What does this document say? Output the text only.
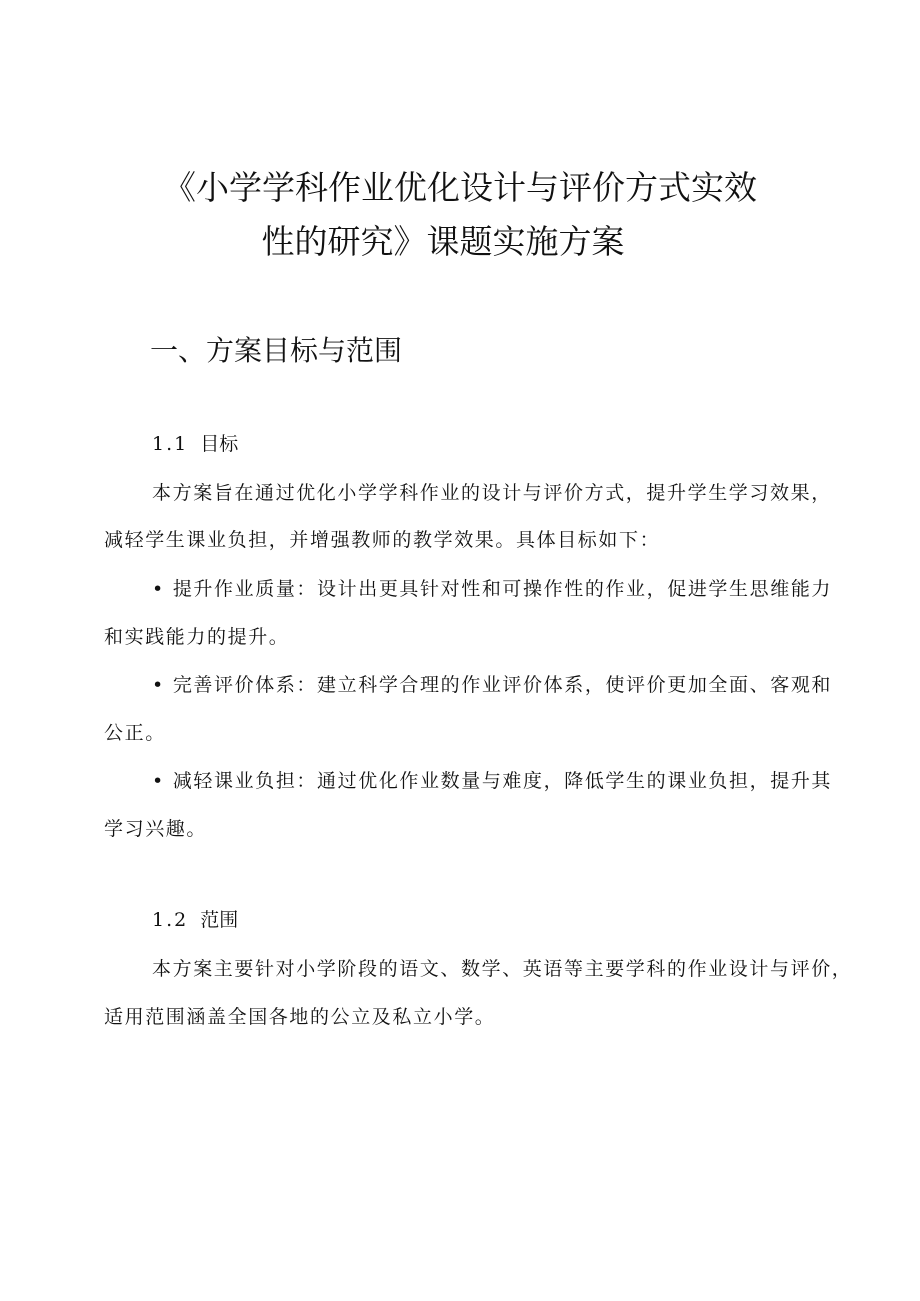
《小学学科作业优化设计与评价方式实效
性的研究》课题实施方案
一、方案目标与范围
1.1 目标

本方案旨在通过优化小学学科作业的设计与评价方式，提升学生学习效果，

减轻学生课业负担，并增强教师的教学效果。具体目标如下：

• 提升作业质量：设计出更具针对性和可操作性的作业，促进学生思维能力

和实践能力的提升。

• 完善评价体系：建立科学合理的作业评价体系，使评价更加全面、客观和

公正。

• 减轻课业负担：通过优化作业数量与难度，降低学生的课业负担，提升其

学习兴趣。

1.2 范围

本方案主要针对小学阶段的语文、数学、英语等主要学科的作业设计与评价，

适用范围涵盖全国各地的公立及私立小学。
